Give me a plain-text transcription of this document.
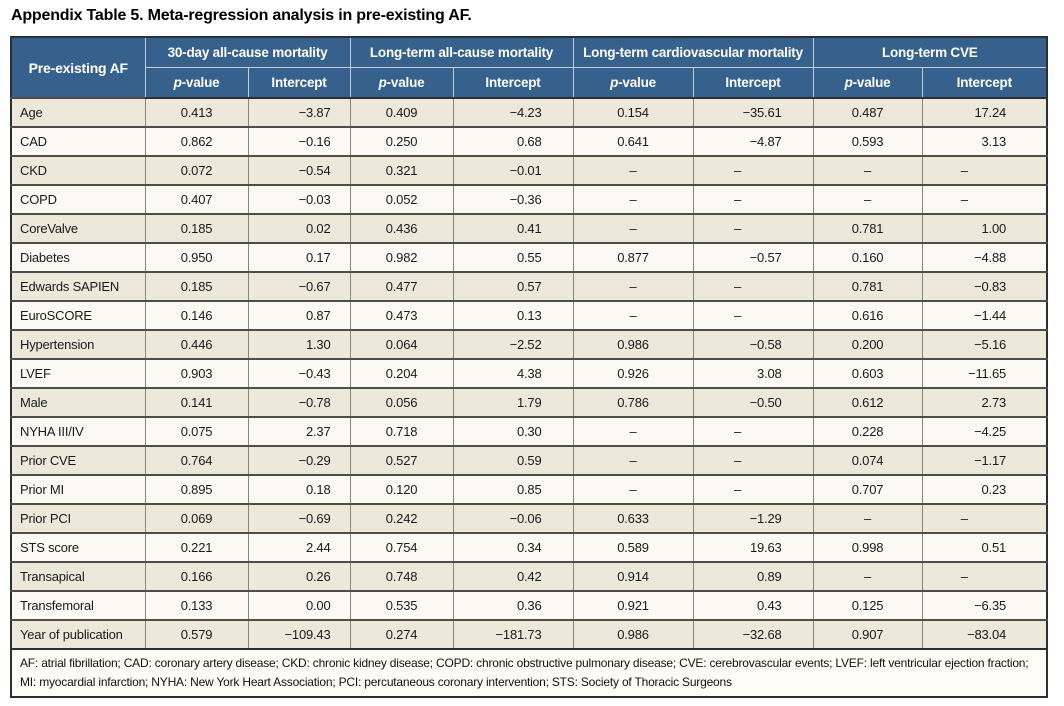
Appendix Table 5. Meta-regression analysis in pre-existing AF.
Pre-existing AF	30-day all-cause mortality		Long-term all-cause mortality		Long-term cardiovascular mortality		Long-term CVE	
	p-value	Intercept	p-value	Intercept	p-value	Intercept	p-value	Intercept
Age	0.413	−3.87	0.409	−4.23	0.154	−35.61	0.487	17.24
CAD	0.862	−0.16	0.250	0.68	0.641	−4.87	0.593	3.13
CKD	0.072	−0.54	0.321	−0.01	–	–	–	–
COPD	0.407	−0.03	0.052	−0.36	–	–	–	–
CoreValve	0.185	0.02	0.436	0.41	–	–	0.781	1.00
Diabetes	0.950	0.17	0.982	0.55	0.877	−0.57	0.160	−4.88
Edwards SAPIEN	0.185	−0.67	0.477	0.57	–	–	0.781	−0.83
EuroSCORE	0.146	0.87	0.473	0.13	–	–	0.616	−1.44
Hypertension	0.446	1.30	0.064	−2.52	0.986	−0.58	0.200	−5.16
LVEF	0.903	−0.43	0.204	4.38	0.926	3.08	0.603	−11.65
Male	0.141	−0.78	0.056	1.79	0.786	−0.50	0.612	2.73
NYHA III/IV	0.075	2.37	0.718	0.30	–	–	0.228	−4.25
Prior CVE	0.764	−0.29	0.527	0.59	–	–	0.074	−1.17
Prior MI	0.895	0.18	0.120	0.85	–	–	0.707	0.23
Prior PCI	0.069	−0.69	0.242	−0.06	0.633	−1.29	–	–
STS score	0.221	2.44	0.754	0.34	0.589	19.63	0.998	0.51
Transapical	0.166	0.26	0.748	0.42	0.914	0.89	–	–
Transfemoral	0.133	0.00	0.535	0.36	0.921	0.43	0.125	−6.35
Year of publication	0.579	−109.43	0.274	−181.73	0.986	−32.68	0.907	−83.04
AF: atrial fibrillation; CAD: coronary artery disease; CKD: chronic kidney disease; COPD: chronic obstructive pulmonary disease; CVE: cerebrovascular events; LVEF: left ventricular ejection fraction; MI: myocardial infarction; NYHA: New York Heart Association; PCI: percutaneous coronary intervention; STS: Society of Thoracic Surgeons								
